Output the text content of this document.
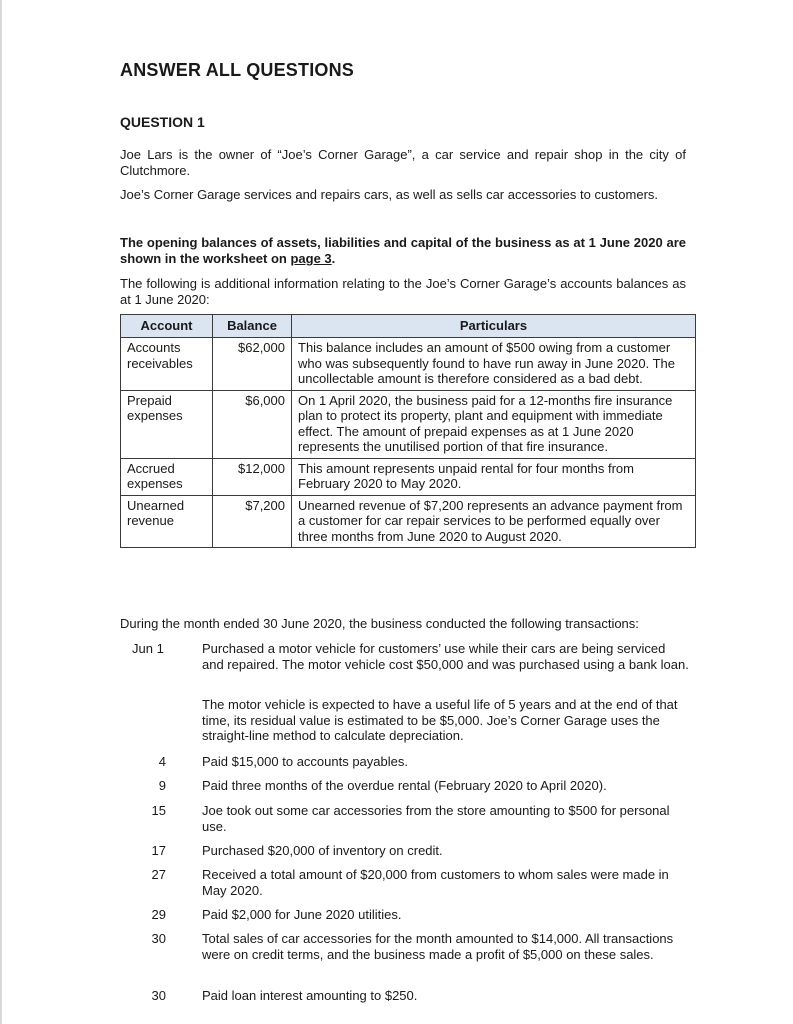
ANSWER ALL QUESTIONS
QUESTION 1
Joe Lars is the owner of “Joe’s Corner Garage”, a car service and repair shop in the city of Clutchmore.
Joe’s Corner Garage services and repairs cars, as well as sells car accessories to customers.
The opening balances of assets, liabilities and capital of the business as at 1 June 2020 are shown in the worksheet on page 3.
The following is additional information relating to the Joe’s Corner Garage’s accounts balances as at 1 June 2020:
Account	Balance	Particulars
Accounts receivables	$62,000	This balance includes an amount of $500 owing from a customer who was subsequently found to have run away in June 2020. The uncollectable amount is therefore considered as a bad debt.
Prepaid expenses	$6,000	On 1 April 2020, the business paid for a 12-months fire insurance plan to protect its property, plant and equipment with immediate effect. The amount of prepaid expenses as at 1 June 2020 represents the unutilised portion of that fire insurance.
Accrued expenses	$12,000	This amount represents unpaid rental for four months from February 2020 to May 2020.
Unearned revenue	$7,200	Unearned revenue of $7,200 represents an advance payment from a customer for car repair services to be performed equally over three months from June 2020 to August 2020.
During the month ended 30 June 2020, the business conducted the following transactions:
Jun 1	Purchased a motor vehicle for customers’ use while their cars are being serviced and repaired. The motor vehicle cost $50,000 and was purchased using a bank loan.
The motor vehicle is expected to have a useful life of 5 years and at the end of that time, its residual value is estimated to be $5,000. Joe’s Corner Garage uses the straight-line method to calculate depreciation.
4	Paid $15,000 to accounts payables.
9	Paid three months of the overdue rental (February 2020 to April 2020).
15	Joe took out some car accessories from the store amounting to $500 for personal use.
17	Purchased $20,000 of inventory on credit.
27	Received a total amount of $20,000 from customers to whom sales were made in May 2020.
29	Paid $2,000 for June 2020 utilities.
30	Total sales of car accessories for the month amounted to $14,000. All transactions were on credit terms, and the business made a profit of $5,000 on these sales.
30	Paid loan interest amounting to $250.
